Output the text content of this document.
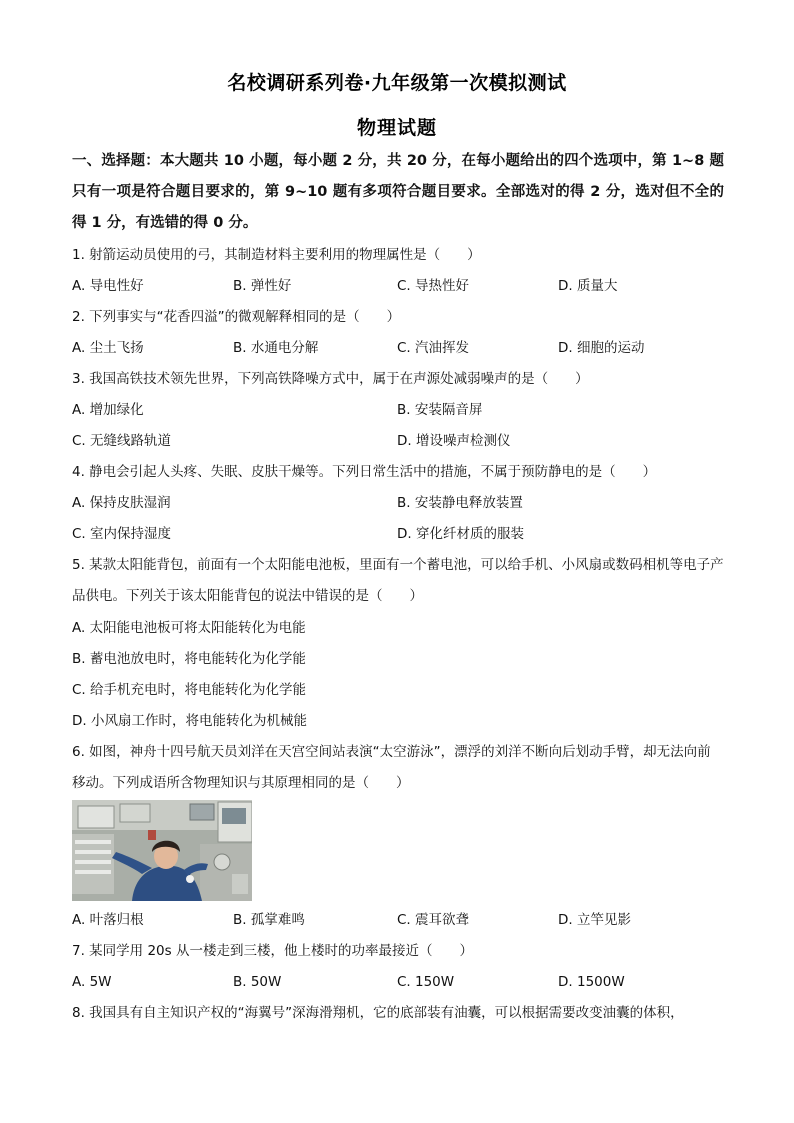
名校调研系列卷·九年级第一次模拟测试
物理试题
一、选择题：本大题共 10 小题，每小题 2 分，共 20 分，在每小题给出的四个选项中，第 1~8 题只有一项是符合题目要求的，第 9~10 题有多项符合题目要求。全部选对的得 2 分，选对但不全的得 1 分，有选错的得 0 分。
1. 射箭运动员使用的弓，其制造材料主要利用的物理属性是（　　）
A. 导电性好	B. 弹性好	C. 导热性好	D. 质量大
2. 下列事实与“花香四溢”的微观解释相同的是（　　）
A. 尘土飞扬	B. 水通电分解	C. 汽油挥发	D. 细胞的运动
3. 我国高铁技术领先世界，下列高铁降噪方式中，属于在声源处减弱噪声的是（　　）
A. 增加绿化	B. 安装隔音屏
C. 无缝线路轨道	D. 增设噪声检测仪
4. 静电会引起人头疼、失眠、皮肤干燥等。下列日常生活中的措施，不属于预防静电的是（　　）
A. 保持皮肤湿润	B. 安装静电释放装置
C. 室内保持湿度	D. 穿化纤材质的服装
5. 某款太阳能背包，前面有一个太阳能电池板，里面有一个蓄电池，可以给手机、小风扇或数码相机等电子产品供电。下列关于该太阳能背包的说法中错误的是（　　）
A. 太阳能电池板可将太阳能转化为电能
B. 蓄电池放电时，将电能转化为化学能
C. 给手机充电时，将电能转化为化学能
D. 小风扇工作时，将电能转化为机械能
6. 如图，神舟十四号航天员刘洋在天宫空间站表演“太空游泳”，漂浮的刘洋不断向后划动手臂，却无法向前移动。下列成语所含物理知识与其原理相同的是（　　）
A. 叶落归根	B. 孤掌难鸣	C. 震耳欲聋	D. 立竿见影
7. 某同学用 20s 从一楼走到三楼，他上楼时的功率最接近（　　）
A. 5W	B. 50W	C. 150W	D. 1500W
8. 我国具有自主知识产权的“海翼号”深海滑翔机，它的底部装有油囊，可以根据需要改变油囊的体积，
